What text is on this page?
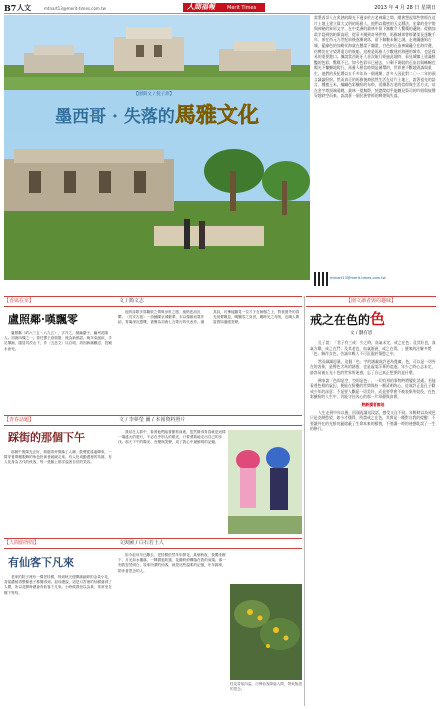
B7 人文	mtnart13@merit-times.com.tw	人間福報 Merit Times	2013 年 4 月 28 日 星期日
【圖與文 / 倪子沛】
墨西哥 · 失落的馬雅文化
當墨西哥人在炙熱的陽光下漫步於古老神廟之間，總會想起那些曾經在這片土地上建立偉大文明的馬雅人。他們以精密的天文曆法、宏偉的金字塔與神秘的象形文字，在中美洲的叢林中留下無數令人驚嘆的遺跡。從猶加敦半島到恰帕斯高原，從蒂卡爾到奇琴伊察，馬雅城邦曾經繁榮長達數千年，卻在西元九世紀前後逐漸衰落，留下無數未解之謎。走進圖盧姆古城，藍綠色的加勒比海就在懸崖下翻滾，白色的石造神廟矗立在海岸邊，彷彿仍在守望著遠方的航船。這裡是馬雅人少數建於海邊的城市，也是貿易的重要港口。據說當西班牙人首次航行經過此地時，看見城牆上塗滿鮮豔的色彩，驚嘆不已。如今色彩早已褪去，只剩下斑駁的石灰岩與蜥蜴在陽光下慵懶地爬行。馬雅人相信時間是循環的，世界會不斷地毀滅與重生。他們的長紀曆以五千多年為一個週期，許多人因此對二〇一二年的預言議論紛紛。然而真正的馬雅後裔依然生活在這片土地上，說著祖先的語言，種植玉米，編織色彩繽紛的布料，延續著古老的信仰與生活方式。站在金字塔頂端遠眺，叢林一望無際，恍惚間似乎能聽見祭司的吟唱與鼓聲穿越時空而來，訴說著一個民族曾經的輝煌與失落。
mtnart13@merit-times.com.tw
【香風在室】	文 / 簡文志
盧照鄰·嘆飄零

盧照鄰（約六三五～六九五），字升之，號幽憂子，幽州范陽人。初唐四傑之一。曾任鄧王府典簽，後為新都尉。晚年染風疾，手足攣縮，隱居具茨山下，作〈五悲文〉以自明，終因病痛難忍，投潁水而死。

他的詩歌多寫羈旅之情與身世之感，風格悲涼沉鬱。〈長安古意〉一詩鋪陳京城繁華，末以揚雄寂寞作結，寄寓深沉感慨，被譽為初唐七言歌行的代表作。讀其詩，彷彿能聽見一位才子在病榻之上，對著窗外的春光低聲嘆息，嘆飄零之身世，嘆時光之匆匆，也嘆人間富貴如過眼雲煙。

【青春話題】	文 / 李夢瑩 圖 / 本報資料照片
踩街的那個下午

那個午後陽光正好，街道兩旁擠滿了人潮，鼓聲從遠處傳來，一隊穿著華麗服飾的角色扮演者緩緩走來。有人扮成動漫裡的英雄，有人化身為古代的俠客，每一張臉上都洋溢著自信的笑容。

我站在人群中，看著他們踏著節奏前進，忽然覺得青春就是這樣一場盛大的遊行，不必在乎別人的眼光，只要勇敢地走出自己的步伐。那天下午的陽光、音樂與笑聲，成了我心中最鮮明的記憶。

【人間偷得閒】	文與圖 / 白石若土人
有仙客下凡來

老家的院子裡有一棵老桂樹，每到秋天便開滿細碎的金黃小花，香氣濃郁得整條巷子都聞得到。祖母總說，這是月宮裡的仙樹落到了人間，所以花開時總會有仙客下凡來。小時候我信以為真，常常坐在樹下等待。

如今祖母早已離去，老桂樹依然年年開花。某個秋夜，我獨坐樹下，月光如水灑落，一陣微風吹過，花瓣紛紛飄落在我的肩頭。那一刻我忽然明白，原來所謂的仙客，就是這些溫柔的記憶，年年歸來，陪伴著思念的人。

桂花香氣四溢，彷彿仙客降臨人間，帶來無盡的思念。
【園文讀者與的趣味】
戒之在色的色
文 / 劉有恩

孔子說：「君子有三戒：少之時，血氣未定，戒之在色；及其壯也，血氣方剛，戒之在鬥；及其老也，血氣既衰，戒之在得。」歷來的注解多將「色」解作女色，告誡年輕人不可沉溺於情慾之中。

然而細細思量，這個「色」字的涵義或許更為寬廣。色，可以是一切外在的表象，是聲色犬馬的誘惑，也是虛榮浮華的追逐。年少之時心志未定，最容易被五光十色的世界所迷惑，忘了自己真正想要的是什麼。

佛家說「色即是空，空即是色」，一切有形的事物終將變化消逝。若能看透色相的虛幻，便能在紛擾的世間保持一顆清明的心。這或許正是孔子勸戒少年的深意：不是要人斷絕一切美好，而是要學會不被表象所奴役，在色彩繽紛的人生中，仍能守住內心的那一片寧靜與真實。

熟齡讀者園地

人生走到中年以後，回頭再讀這段話，感受又自不同。年輕時以為戒色只是克制慾望，如今才懂得，所謂戒之在色，其實是一種對自我的提醒：不要讓外在的光鮮亮麗遮蔽了生命本來的樣貌，不要讓一時的迷戀耽誤了一生的修行。
